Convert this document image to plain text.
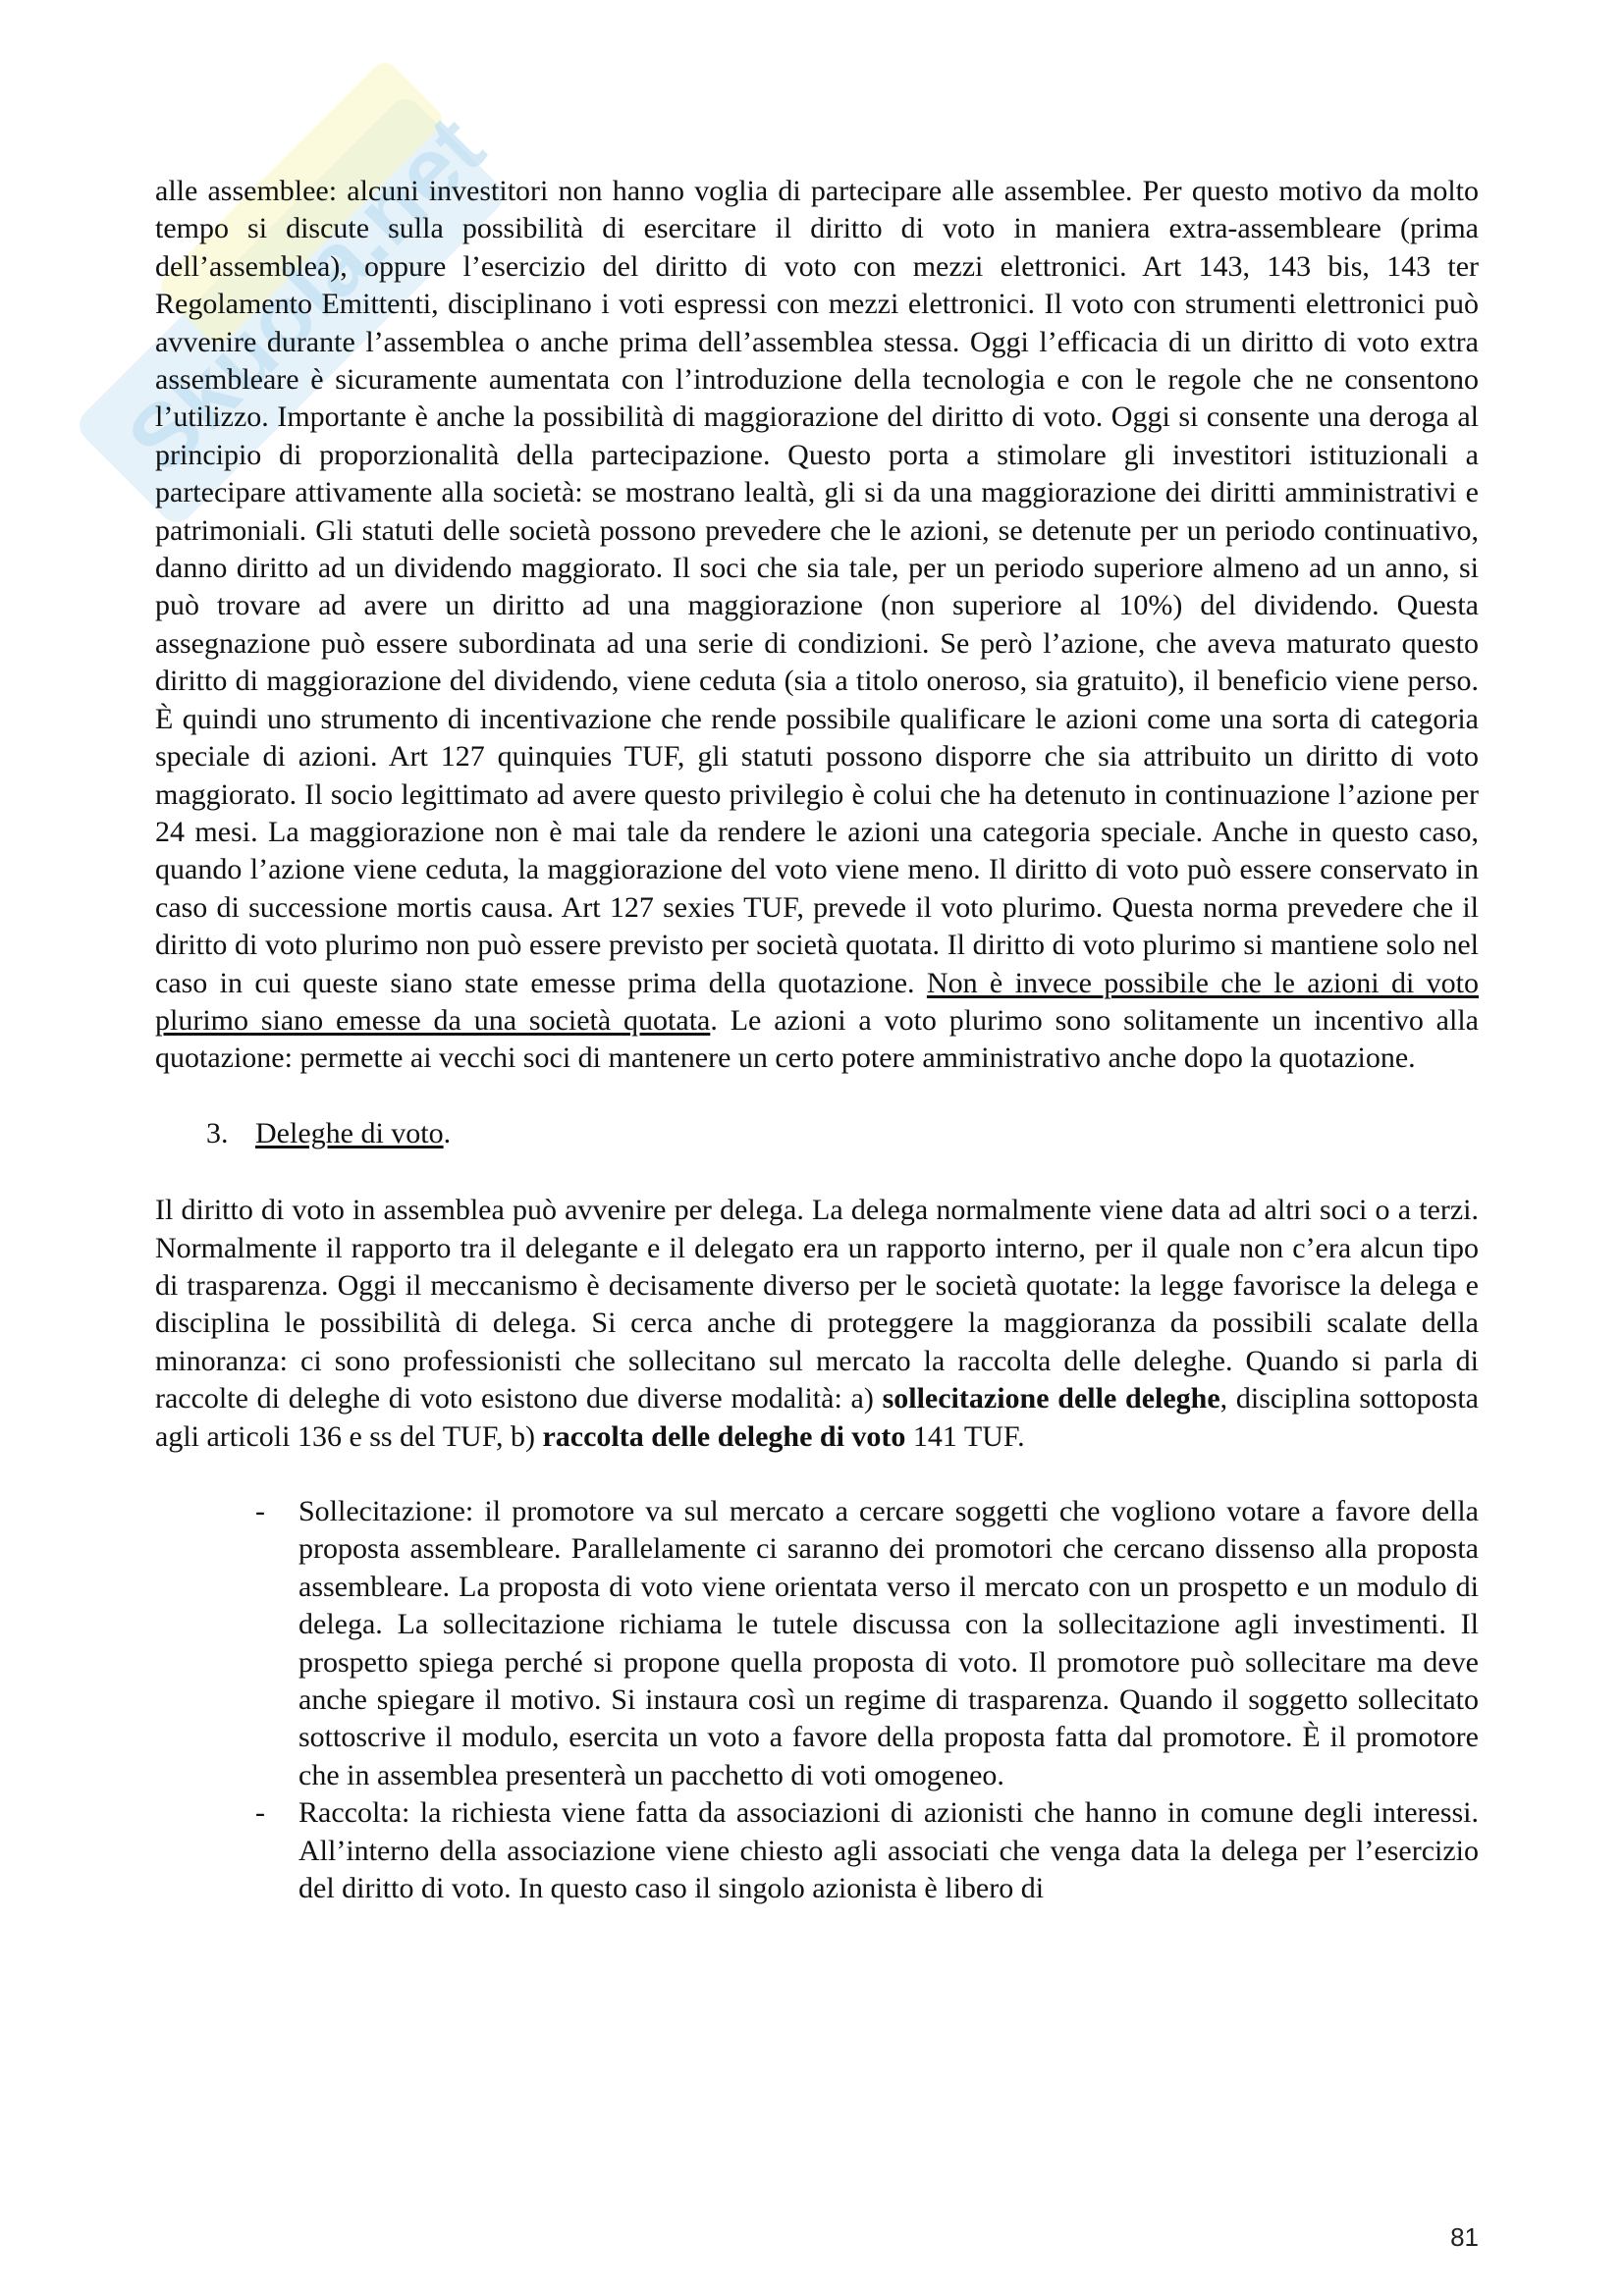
Skuola.net

alle assemblee: alcuni investitori non hanno voglia di partecipare alle assemblee. Per questo motivo da molto tempo si discute sulla possibilità di esercitare il diritto di voto in maniera extra-assembleare (prima dell’assemblea), oppure l’esercizio del diritto di voto con mezzi elettronici. Art 143, 143 bis, 143 ter Regolamento Emittenti, disciplinano i voti espressi con mezzi elettronici. Il voto con strumenti elettronici può avvenire durante l’assemblea o anche prima dell’assemblea stessa. Oggi l’efficacia di un diritto di voto extra assembleare è sicuramente aumentata con l’introduzione della tecnologia e con le regole che ne consentono l’utilizzo. Importante è anche la possibilità di maggiorazione del diritto di voto. Oggi si consente una deroga al principio di proporzionalità della partecipazione. Questo porta a stimolare gli investitori istituzionali a partecipare attivamente alla società: se mostrano lealtà, gli si da una maggiorazione dei diritti amministrativi e patrimoniali. Gli statuti delle società possono prevedere che le azioni, se detenute per un periodo continuativo, danno diritto ad un dividendo maggiorato. Il soci che sia tale, per un periodo superiore almeno ad un anno, si può trovare ad avere un diritto ad una maggiorazione (non superiore al 10%) del dividendo. Questa assegnazione può essere subordinata ad una serie di condizioni. Se però l’azione, che aveva maturato questo diritto di maggiorazione del dividendo, viene ceduta (sia a titolo oneroso, sia gratuito), il beneficio viene perso. È quindi uno strumento di incentivazione che rende possibile qualificare le azioni come una sorta di categoria speciale di azioni. Art 127 quinquies TUF, gli statuti possono disporre che sia attribuito un diritto di voto maggiorato. Il socio legittimato ad avere questo privilegio è colui che ha detenuto in continuazione l’azione per 24 mesi. La maggiorazione non è mai tale da rendere le azioni una categoria speciale. Anche in questo caso, quando l’azione viene ceduta, la maggiorazione del voto viene meno. Il diritto di voto può essere conservato in caso di successione mortis causa. Art 127 sexies TUF, prevede il voto plurimo. Questa norma prevedere che il diritto di voto plurimo non può essere previsto per società quotata. Il diritto di voto plurimo si mantiene solo nel caso in cui queste siano state emesse prima della quotazione. Non è invece possibile che le azioni di voto plurimo siano emesse da una società quotata. Le azioni a voto plurimo sono solitamente un incentivo alla quotazione: permette ai vecchi soci di mantenere un certo potere amministrativo anche dopo la quotazione.

3. Deleghe di voto.

Il diritto di voto in assemblea può avvenire per delega. La delega normalmente viene data ad altri soci o a terzi. Normalmente il rapporto tra il delegante e il delegato era un rapporto interno, per il quale non c’era alcun tipo di trasparenza. Oggi il meccanismo è decisamente diverso per le società quotate: la legge favorisce la delega e disciplina le possibilità di delega. Si cerca anche di proteggere la maggioranza da possibili scalate della minoranza: ci sono professionisti che sollecitano sul mercato la raccolta delle deleghe. Quando si parla di raccolte di deleghe di voto esistono due diverse modalità: a) sollecitazione delle deleghe, disciplina sottoposta agli articoli 136 e ss del TUF, b) raccolta delle deleghe di voto 141 TUF.

- Sollecitazione: il promotore va sul mercato a cercare soggetti che vogliono votare a favore della proposta assembleare. Parallelamente ci saranno dei promotori che cercano dissenso alla proposta assembleare. La proposta di voto viene orientata verso il mercato con un prospetto e un modulo di delega. La sollecitazione richiama le tutele discussa con la sollecitazione agli investimenti. Il prospetto spiega perché si propone quella proposta di voto. Il promotore può sollecitare ma deve anche spiegare il motivo. Si instaura così un regime di trasparenza. Quando il soggetto sollecitato sottoscrive il modulo, esercita un voto a favore della proposta fatta dal promotore. È il promotore che in assemblea presenterà un pacchetto di voti omogeneo.
- Raccolta: la richiesta viene fatta da associazioni di azionisti che hanno in comune degli interessi. All’interno della associazione viene chiesto agli associati che venga data la delega per l’esercizio del diritto di voto. In questo caso il singolo azionista è libero di
81
